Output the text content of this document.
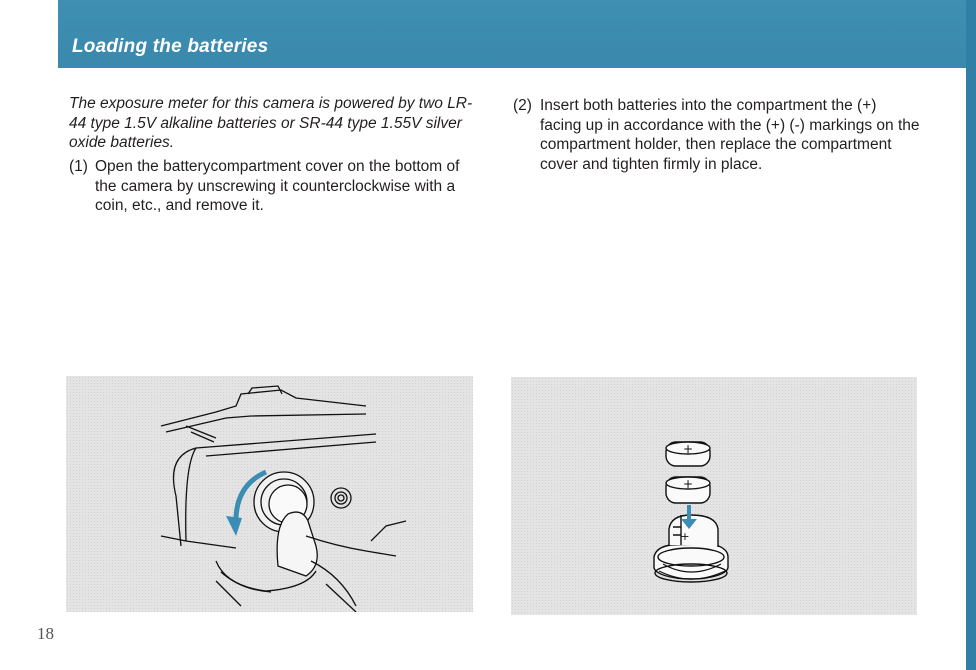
Loading the batteries
The exposure meter for this camera is powered by two LR-44 type 1.5V alkaline batteries or SR-44 type 1.55V silver oxide batteries.
(1) Open the batterycompartment cover on the bottom of the camera by unscrewing it counterclockwise with a coin, etc., and remove it.
(2) Insert both batteries into the compartment the (+) facing up in accordance with the (+) (-) markings on the compartment holder, then replace the compartment cover and tighten firmly in place.
+
+
+
18
